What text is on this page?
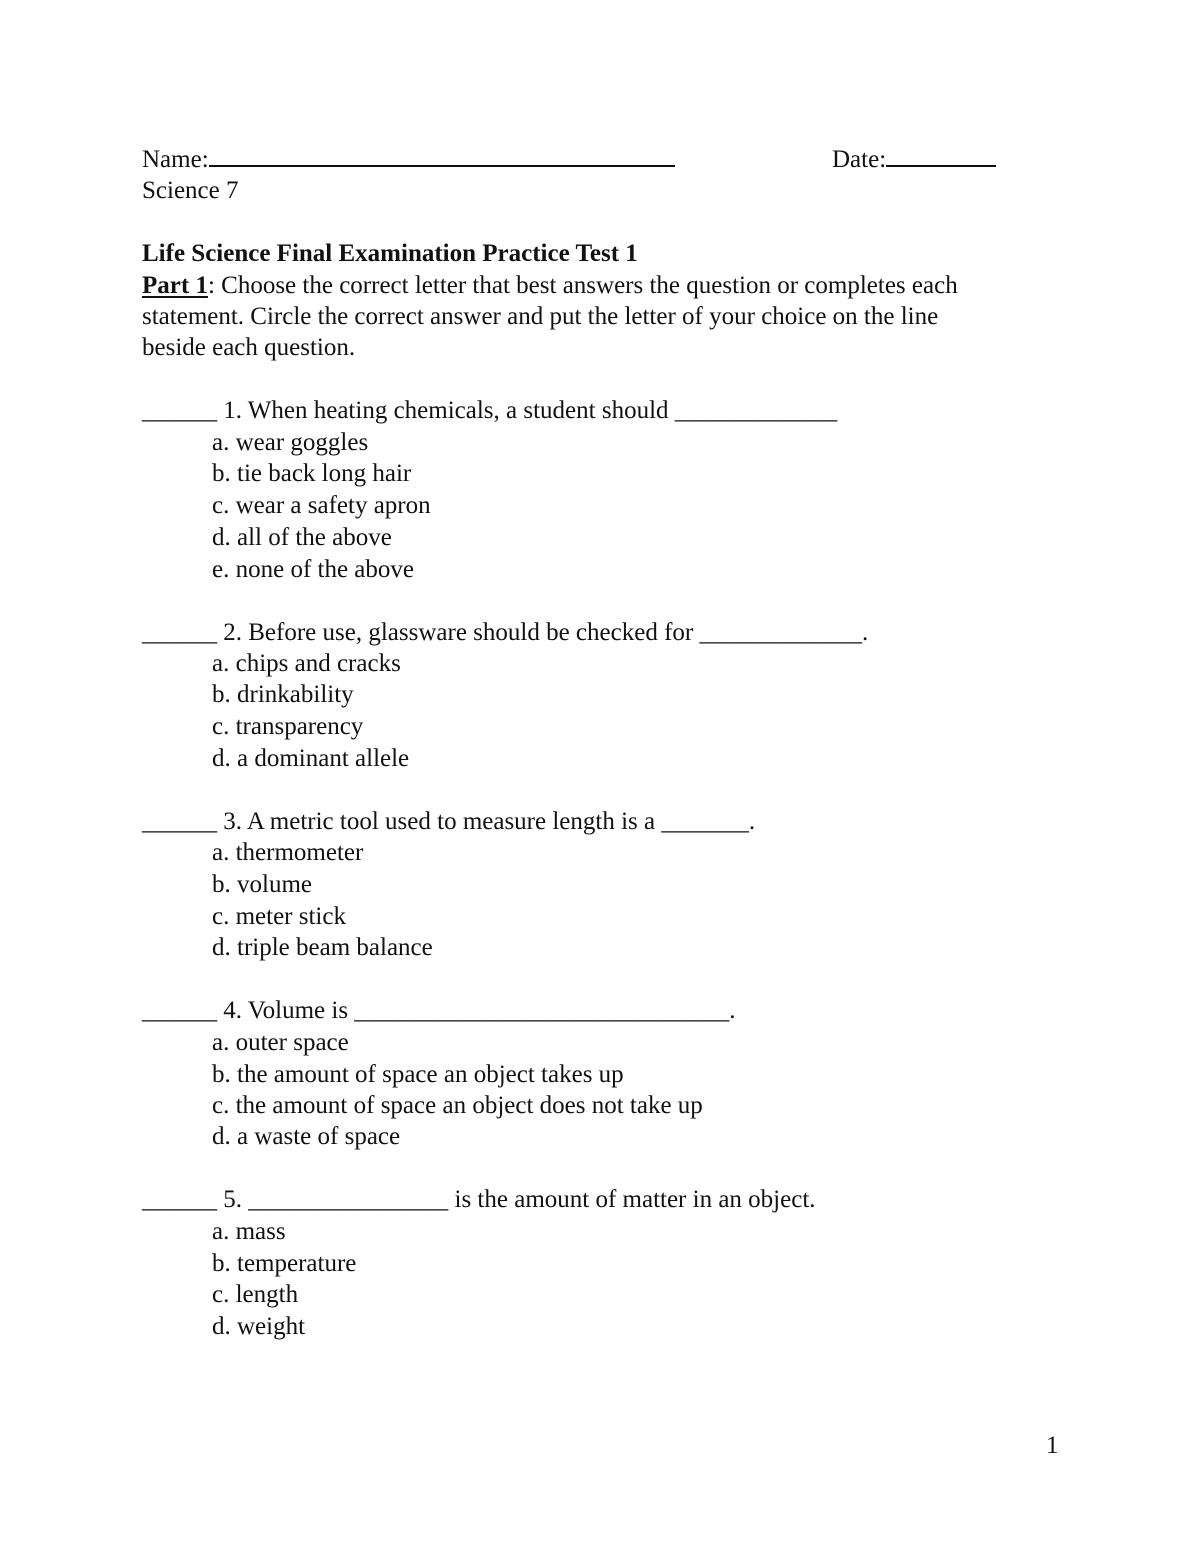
Name:	Date:
Science 7
Life Science Final Examination Practice Test 1
Part 1: Choose the correct letter that best answers the question or completes each
statement. Circle the correct answer and put the letter of your choice on the line
beside each question.
______ 1. When heating chemicals, a student should _____________
a. wear goggles
b. tie back long hair
c. wear a safety apron
d. all of the above
e. none of the above
______ 2. Before use, glassware should be checked for _____________.
a. chips and cracks
b. drinkability
c. transparency
d. a dominant allele
______ 3. A metric tool used to measure length is a _______.
a. thermometer
b. volume
c. meter stick
d. triple beam balance
______ 4. Volume is ______________________________.
a. outer space
b. the amount of space an object takes up
c. the amount of space an object does not take up
d. a waste of space
______ 5. ________________ is the amount of matter in an object.
a. mass
b. temperature
c. length
d. weight
1
